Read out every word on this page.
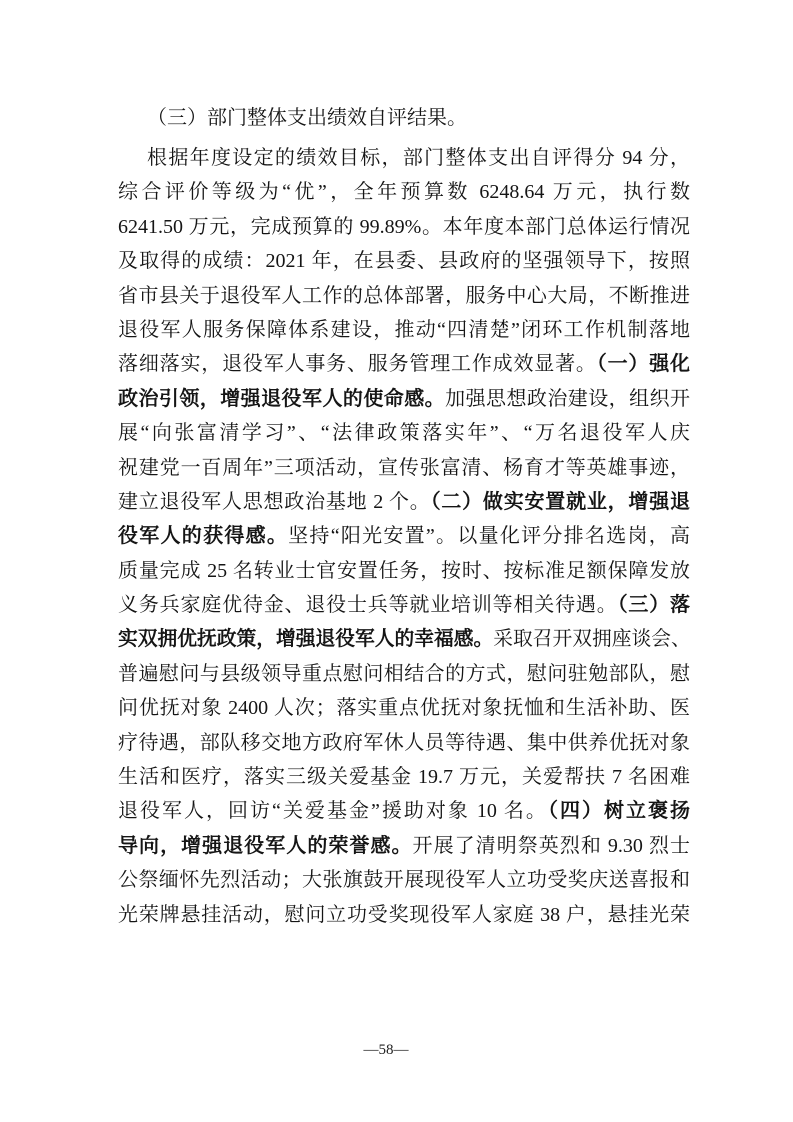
（三）部门整体支出绩效自评结果。
根据年度设定的绩效目标，部门整体支出自评得分 94 分，
综合评价等级为“优”，全年预算数 6248.64 万元，执行数
6241.50 万元，完成预算的 99.89%。本年度本部门总体运行情况
及取得的成绩：2021 年，在县委、县政府的坚强领导下，按照
省市县关于退役军人工作的总体部署，服务中心大局，不断推进
退役军人服务保障体系建设，推动“四清楚”闭环工作机制落地
落细落实，退役军人事务、服务管理工作成效显著。（一）强化
政治引领，增强退役军人的使命感。加强思想政治建设，组织开
展“向张富清学习”、“法律政策落实年”、“万名退役军人庆
祝建党一百周年”三项活动，宣传张富清、杨育才等英雄事迹，
建立退役军人思想政治基地 2 个。（二）做实安置就业，增强退
役军人的获得感。坚持“阳光安置”。以量化评分排名选岗，高
质量完成 25 名转业士官安置任务，按时、按标准足额保障发放
义务兵家庭优待金、退役士兵等就业培训等相关待遇。（三）落
实双拥优抚政策，增强退役军人的幸福感。采取召开双拥座谈会、
普遍慰问与县级领导重点慰问相结合的方式，慰问驻勉部队，慰
问优抚对象 2400 人次；落实重点优抚对象抚恤和生活补助、医
疗待遇，部队移交地方政府军休人员等待遇、集中供养优抚对象
生活和医疗，落实三级关爱基金 19.7 万元，关爱帮扶 7 名困难
退役军人，回访“关爱基金”援助对象 10 名。（四）树立褒扬
导向，增强退役军人的荣誉感。开展了清明祭英烈和 9.30 烈士
公祭缅怀先烈活动；大张旗鼓开展现役军人立功受奖庆送喜报和
光荣牌悬挂活动，慰问立功受奖现役军人家庭 38 户，悬挂光荣
—58—
